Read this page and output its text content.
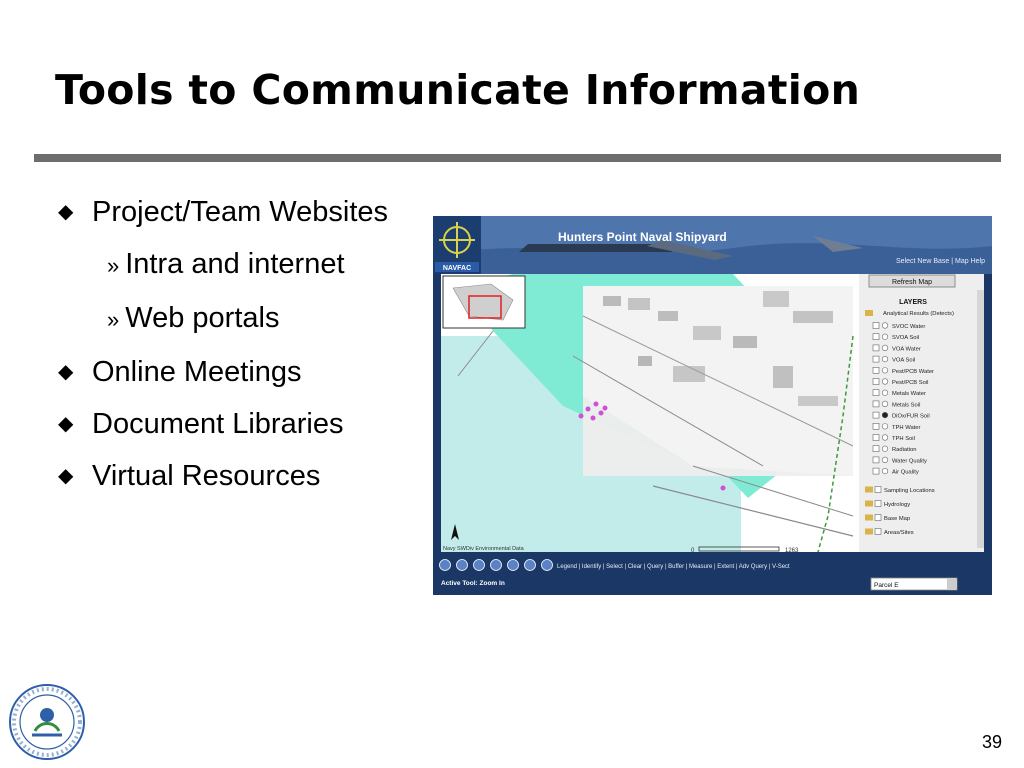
Tools to Communicate Information
◆ Project/Team Websites
» Intra and internet
» Web portals
◆ Online Meetings
◆ Document Libraries
◆ Virtual Resources
NAVFAC
Hunters Point Naval Shipyard
Select New Base | Map Help
Navy SWDiv Environmental Data	0	1263
Refresh Map
LAYERS
Analytical Results (Detects)
SVOC Water
SVOA Soil
VOA Water
VOA Soil
Pest/PCB Water
Pest/PCB Soil
Metals Water
Metals Soil
DiOx/FUR Soil
TPH Water
TPH Soil
Radiation
Water Quality
Air Quality
Sampling Locations
Hydrology
Base Map
Areas/Sites
Legend | Identify | Select | Clear | Query | Buffer | Measure | Extent | Adv Query | V-Sect
Active Tool: Zoom In	Parcel E
39
